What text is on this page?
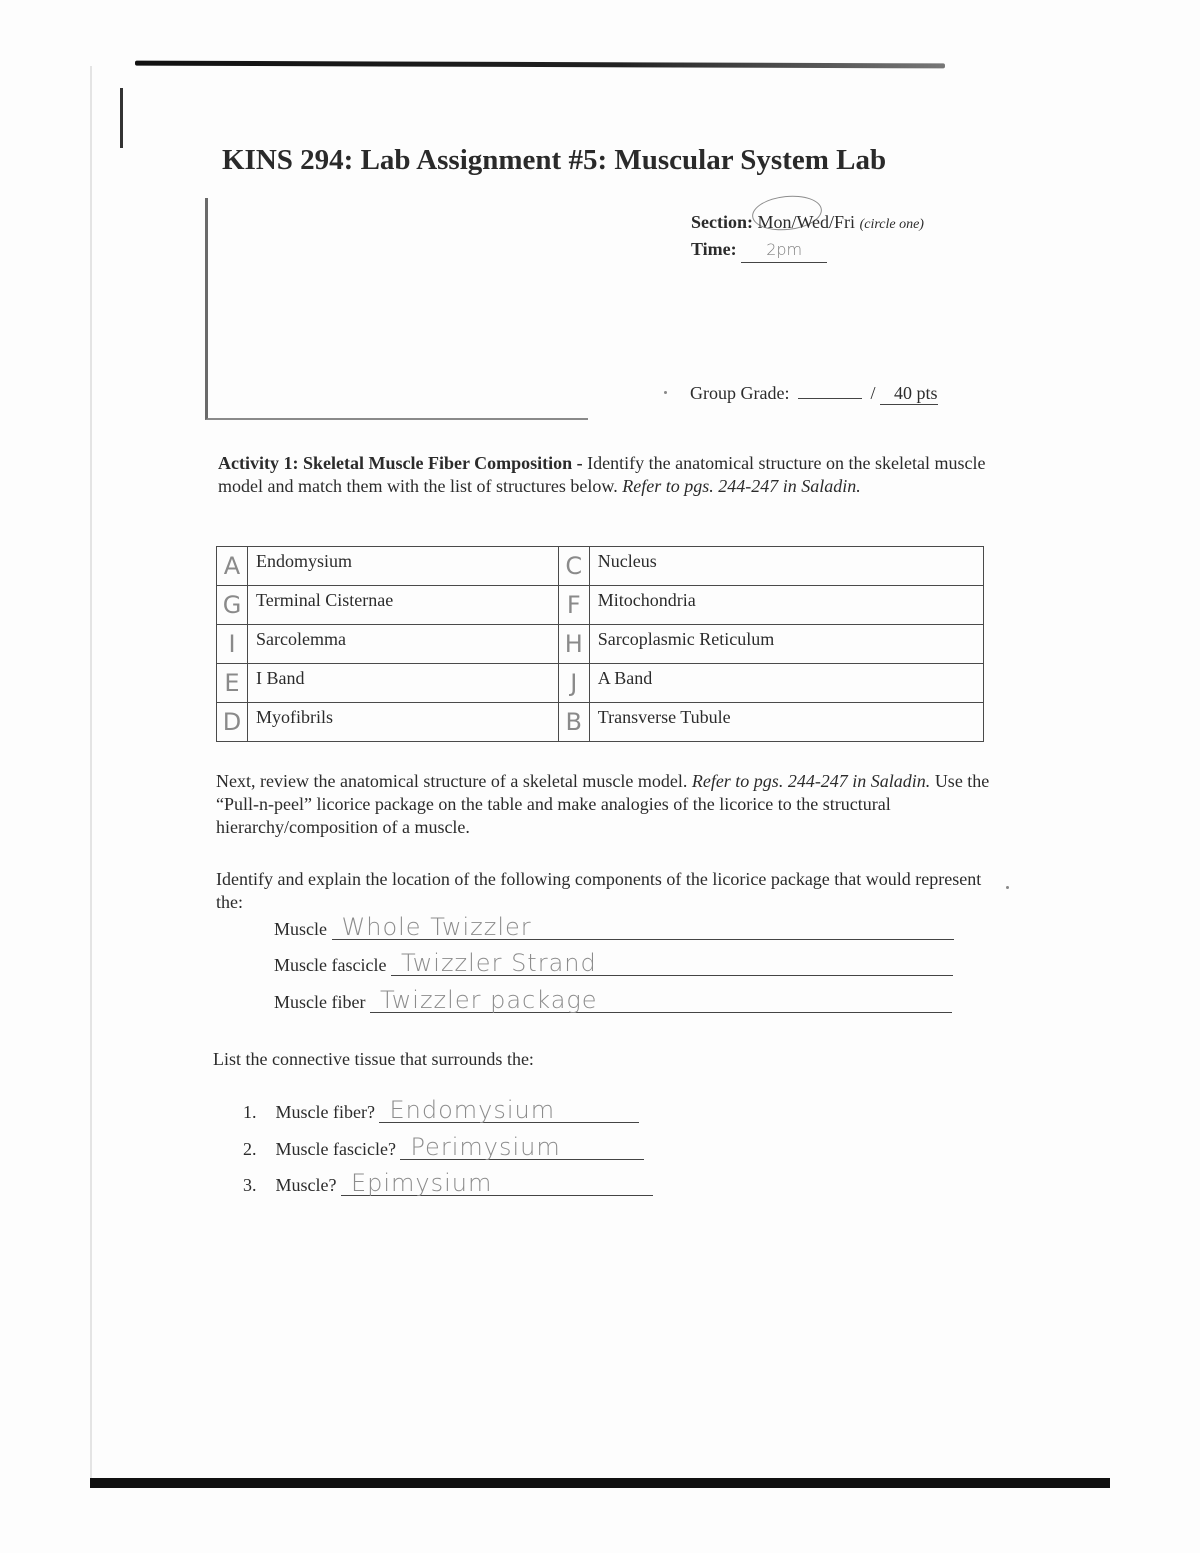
KINS 294: Lab Assignment #5: Muscular System Lab
Section: Mon/Wed/Fri (circle one)
Time: 2pm
Group Grade:	/ 40 pts
Activity 1: Skeletal Muscle Fiber Composition - Identify the anatomical structure on the skeletal muscle model and match them with the list of structures below. Refer to pgs. 244-247 in Saladin.
A	Endomysium	C	Nucleus
G	Terminal Cisternae	F	Mitochondria
I	Sarcolemma	H	Sarcoplasmic Reticulum
E	I Band	J	A Band
D	Myofibrils	B	Transverse Tubule
Next, review the anatomical structure of a skeletal muscle model. Refer to pgs. 244-247 in Saladin. Use the “Pull-n-peel” licorice package on the table and make analogies of the licorice to the structural hierarchy/composition of a muscle.
Identify and explain the location of the following components of the licorice package that would represent the:
Muscle Whole Twizzler
Muscle fascicle Twizzler Strand
Muscle fiber Twizzler package
List the connective tissue that surrounds the:
1. Muscle fiber? Endomysium
2. Muscle fascicle? Perimysium
3. Muscle? Epimysium
